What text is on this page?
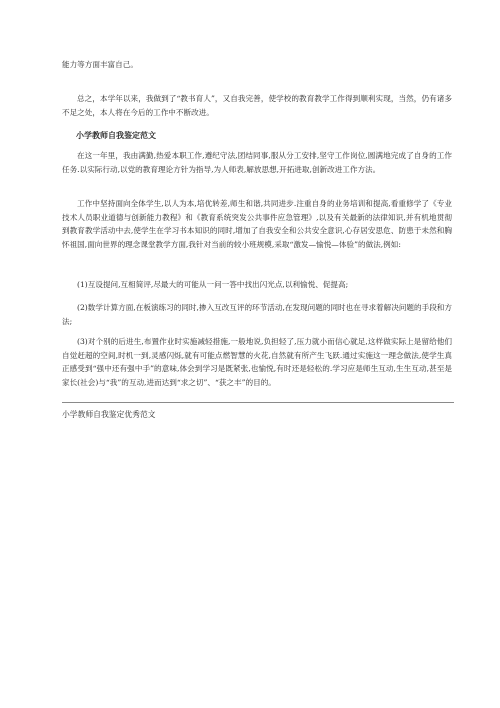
能力等方面丰富自己。

总之，本学年以来，我做到了“教书育人”，又自我完善，使学校的教育教学工作得到顺利实现，当然，仍有诸多不足之处，本人将在今后的工作中不断改进。

小学教师自我鉴定范文

在这一年里，我由满勤,热爱本职工作,遵纪守法,团结同事,服从分工安排,坚守工作岗位,圆满地完成了自身的工作任务.以实际行动,以党的教育理论方针为指导,为人师表,解放思想,开拓进取,创新改进工作方法。

工作中坚持面向全体学生,以人为本,培优转差,师生和谐,共同进步.注重自身的业务培训和提高,看重修学了《专业技术人员职业道德与创新能力教程》和《教育系统突发公共事件应急管理》,以及有关最新的法律知识,并有机地贯彻到教育教学活动中去,使学生在学习书本知识的同时,增加了自我安全和公共安全意识,心存居安思危、防患于未然和胸怀祖国,面向世界的理念课堂教学方面,我针对当前的较小班规模,采取“激发—愉悦—体验”的做法,例如:

(1)互设提问,互相简评,尽最大的可能从一问一答中找出闪光点,以利愉悦、促提高;

(2)数学计算方面,在板演练习的同时,掺入互改互评的环节活动,在发现问题的同时也在寻求着解决问题的手段和方法;

(3)对个别的后进生,布置作业时实施减轻措施,一般地说,负担轻了,压力就小而信心就足,这样做实际上是留给他们自觉赶超的空间,时机一到,灵感闪烁,就有可能点燃智慧的火花,自然就有所产生飞跃.通过实施这一理念做法,使学生真正感受到“强中还有强中手”的意味,体会到学习是既紧张,也愉悦,有时还是轻松的.学习应是师生互动,生生互动,甚至是家长(社会)与“我”的互动,进而达到“求之切”、“获之丰”的目的。

小学教师自我鉴定优秀范文
